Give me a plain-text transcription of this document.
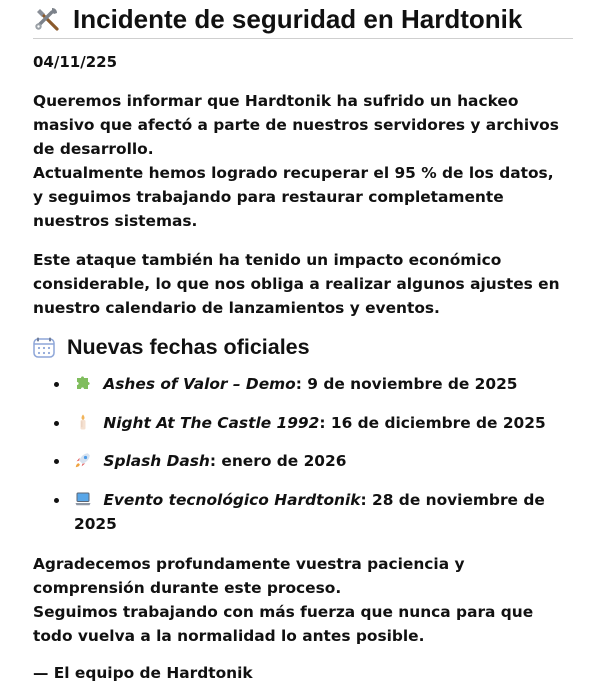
Incidente de seguridad en Hardtonik
04/11/225

Queremos informar que Hardtonik ha sufrido un hackeo
masivo que afectó a parte de nuestros servidores y archivos
de desarrollo.
Actualmente hemos logrado recuperar el 95 % de los datos,
y seguimos trabajando para restaurar completamente
nuestros sistemas.

Este ataque también ha tenido un impacto económico
considerable, lo que nos obliga a realizar algunos ajustes en
nuestro calendario de lanzamientos y eventos.

Nuevas fechas oficiales
Ashes of Valor – Demo: 9 de noviembre de 2025
Night At The Castle 1992: 16 de diciembre de 2025
Splash Dash: enero de 2026
Evento tecnológico Hardtonik: 28 de noviembre de
2025

Agradecemos profundamente vuestra paciencia y
comprensión durante este proceso.
Seguimos trabajando con más fuerza que nunca para que
todo vuelva a la normalidad lo antes posible.

— El equipo de Hardtonik
